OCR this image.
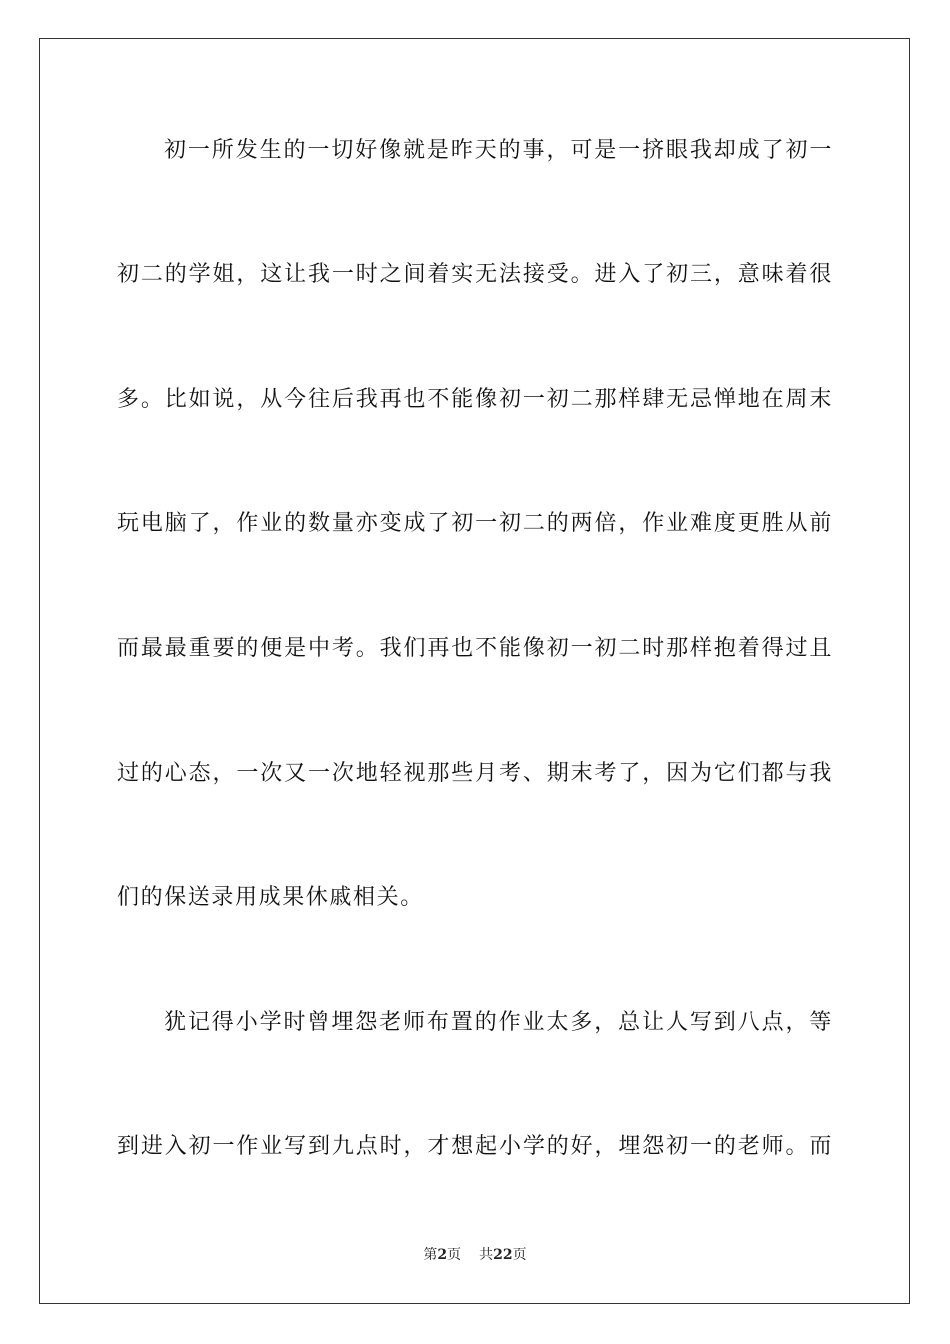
初一所发生的一切好像就是昨天的事，可是一挤眼我却成了初一
初二的学姐，这让我一时之间着实无法接受。进入了初三，意味着很
多。比如说，从今往后我再也不能像初一初二那样肆无忌惮地在周末
玩电脑了，作业的数量亦变成了初一初二的两倍，作业难度更胜从前
而最最重要的便是中考。我们再也不能像初一初二时那样抱着得过且
过的心态，一次又一次地轻视那些月考、期末考了，因为它们都与我
们的保送录用成果休戚相关。
犹记得小学时曾埋怨老师布置的作业太多，总让人写到八点，等
到进入初一作业写到九点时，才想起小学的好，埋怨初一的老师。而
第2页 共22页
